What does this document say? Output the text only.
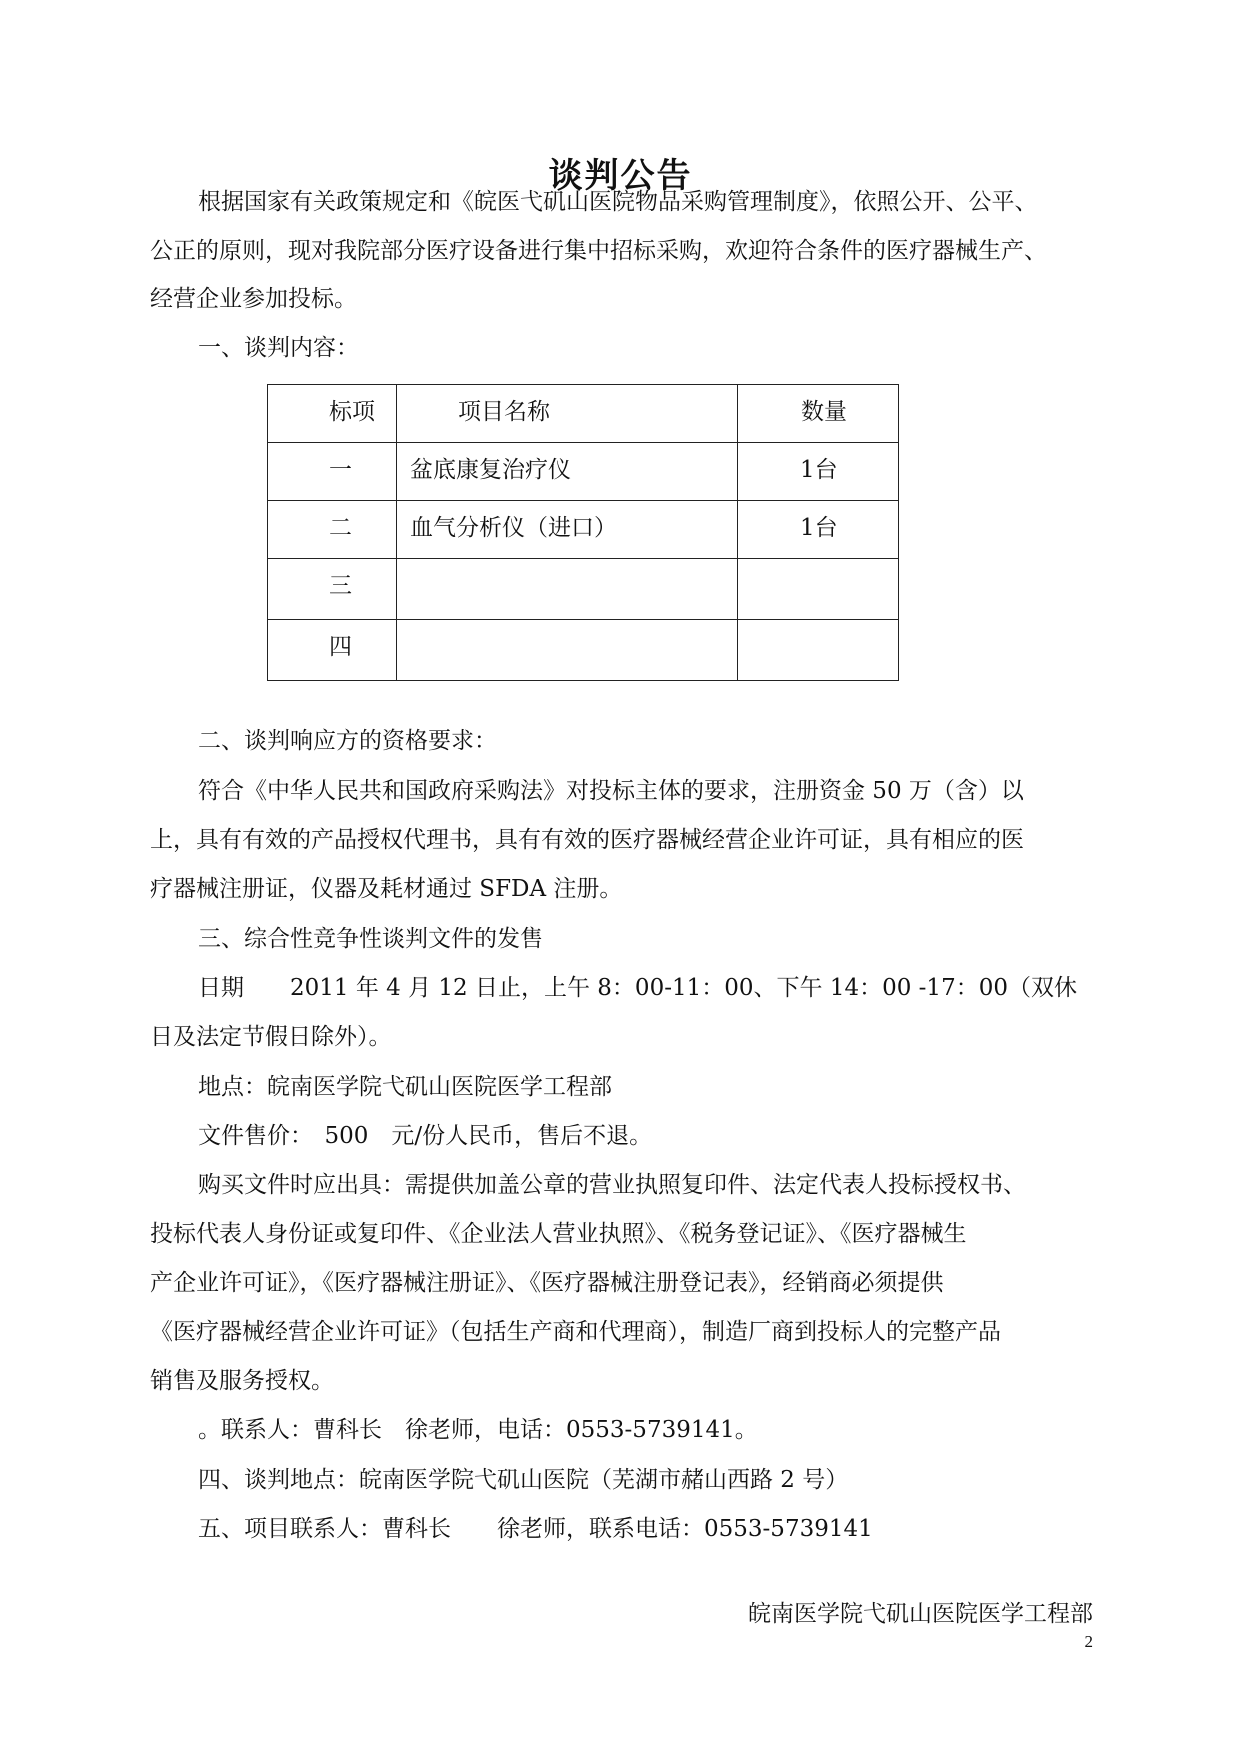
谈判公告
根据国家有关政策规定和《皖医弋矶山医院物品采购管理制度》，依照公开、公平、
公正的原则，现对我院部分医疗设备进行集中招标采购，欢迎符合条件的医疗器械生产、
经营企业参加投标。
一、谈判内容：
标项	项目名称	数量
一	盆底康复治疗仪	1台
二	血气分析仪（进口）	1台
三		
四		
二、谈判响应方的资格要求：
符合《中华人民共和国政府采购法》对投标主体的要求，注册资金 50 万（含）以
上，具有有效的产品授权代理书，具有有效的医疗器械经营企业许可证，具有相应的医
疗器械注册证，仪器及耗材通过 SFDA 注册。
三、综合性竞争性谈判文件的发售
日期　　2011 年 4 月 12 日止，上午 8：00-11：00、下午 14：00 -17：00（双休
日及法定节假日除外）。
地点：皖南医学院弋矶山医院医学工程部
文件售价：　500　元/份人民币，售后不退。
购买文件时应出具：需提供加盖公章的营业执照复印件、法定代表人投标授权书、
投标代表人身份证或复印件、《企业法人营业执照》、《税务登记证》、《医疗器械生
产企业许可证》，《医疗器械注册证》、《医疗器械注册登记表》，经销商必须提供
《医疗器械经营企业许可证》（包括生产商和代理商），制造厂商到投标人的完整产品
销售及服务授权。
。联系人：曹科长　徐老师，电话：0553-5739141。
四、谈判地点：皖南医学院弋矶山医院（芜湖市赭山西路 2 号）
五、项目联系人：曹科长　　徐老师，联系电话：0553-5739141
皖南医学院弋矶山医院医学工程部
2
